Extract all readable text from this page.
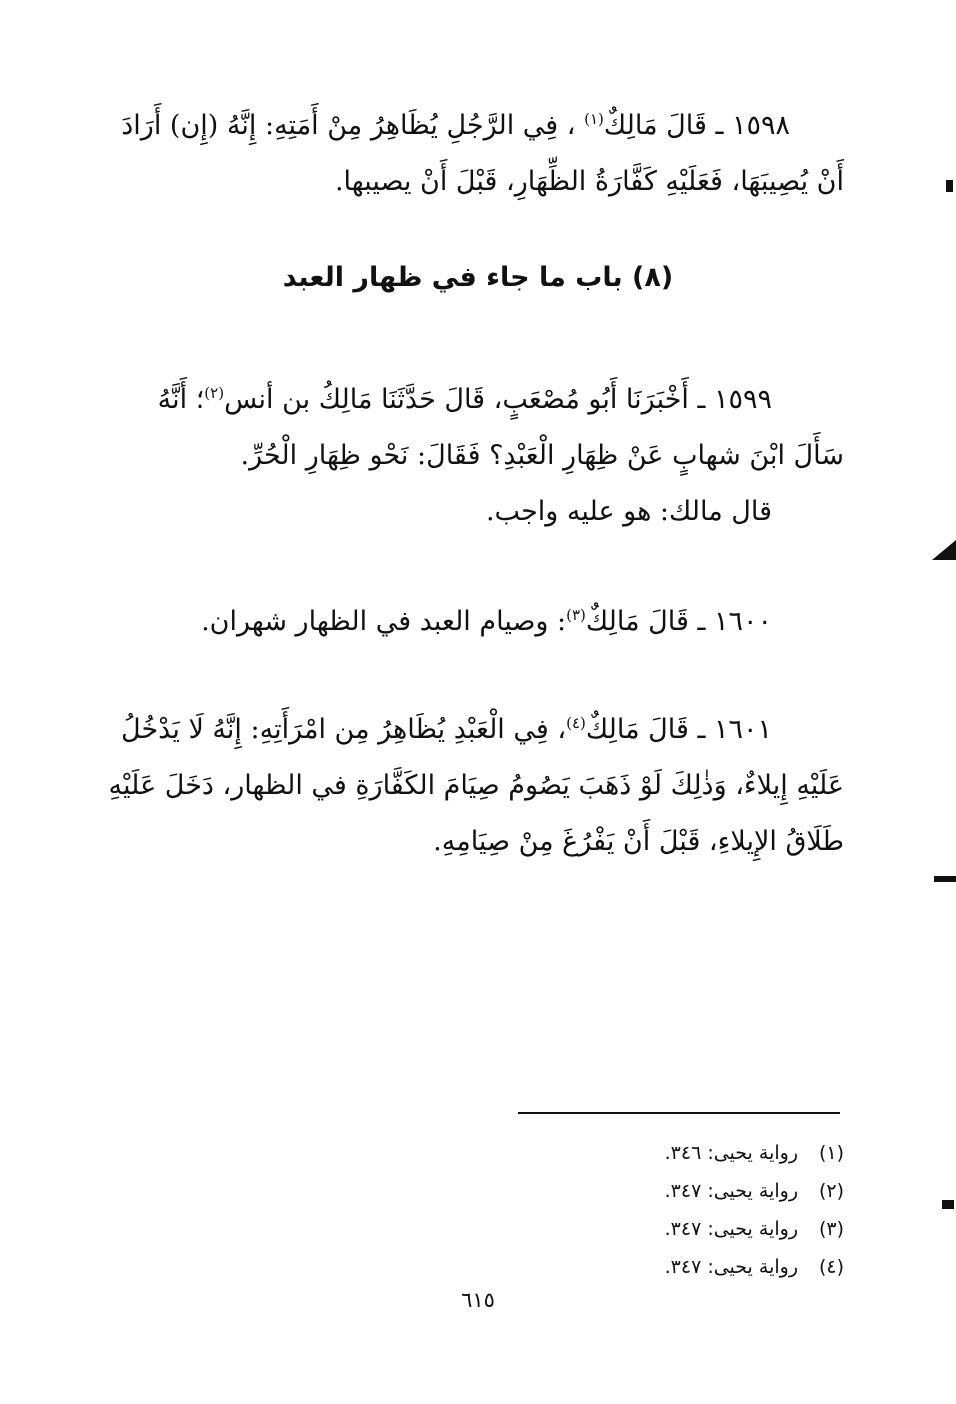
١٥٩٨ ـ قَالَ مَالِكٌ$^{(١)}$ ، فِي الرَّجُلِ يُظَاهِرُ مِنْ أَمَتِهِ: إِنَّهُ (إِن) أَرَادَ
أَنْ يُصِيبَهَا، فَعَلَيْهِ كَفَّارَةُ الظِّهَارِ، قَبْلَ أَنْ يصيبها.
(٨) باب ما جاء في ظهار العبد
١٥٩٩ ـ أَخْبَرَنَا أَبُو مُصْعَبٍ، قَالَ حَدَّثَنَا مَالِكُ بن أنس$^{(٢)}$؛ أَنَّهُ
سَأَلَ ابْنَ شهابٍ عَنْ ظِهَارِ الْعَبْدِ؟ فَقَالَ: نَحْو ظِهَارِ الْحُرِّ.
قال مالك: هو عليه واجب.
١٦٠٠ ـ قَالَ مَالِكٌ$^{(٣)}$: وصيام العبد في الظهار شهران.
١٦٠١ ـ قَالَ مَالِكٌ$^{(٤)}$، فِي الْعَبْدِ يُظَاهِرُ مِن امْرَأَتِهِ: إِنَّهُ لَا يَدْخُلُ
عَلَيْهِ إِيلاءٌ، وَذٰلِكَ لَوْ ذَهَبَ يَصُومُ صِيَامَ الكَفَّارَةِ في الظهار، دَخَلَ عَلَيْهِ
طَلَاقُ الإِيلاءِ، قَبْلَ أَنْ يَفْرُغَ مِنْ صِيَامِهِ.
(١)رواية يحيى: ٣٤٦.
(٢)رواية يحيى: ٣٤٧.
(٣)رواية يحيى: ٣٤٧.
(٤)رواية يحيى: ٣٤٧.
٦١٥
